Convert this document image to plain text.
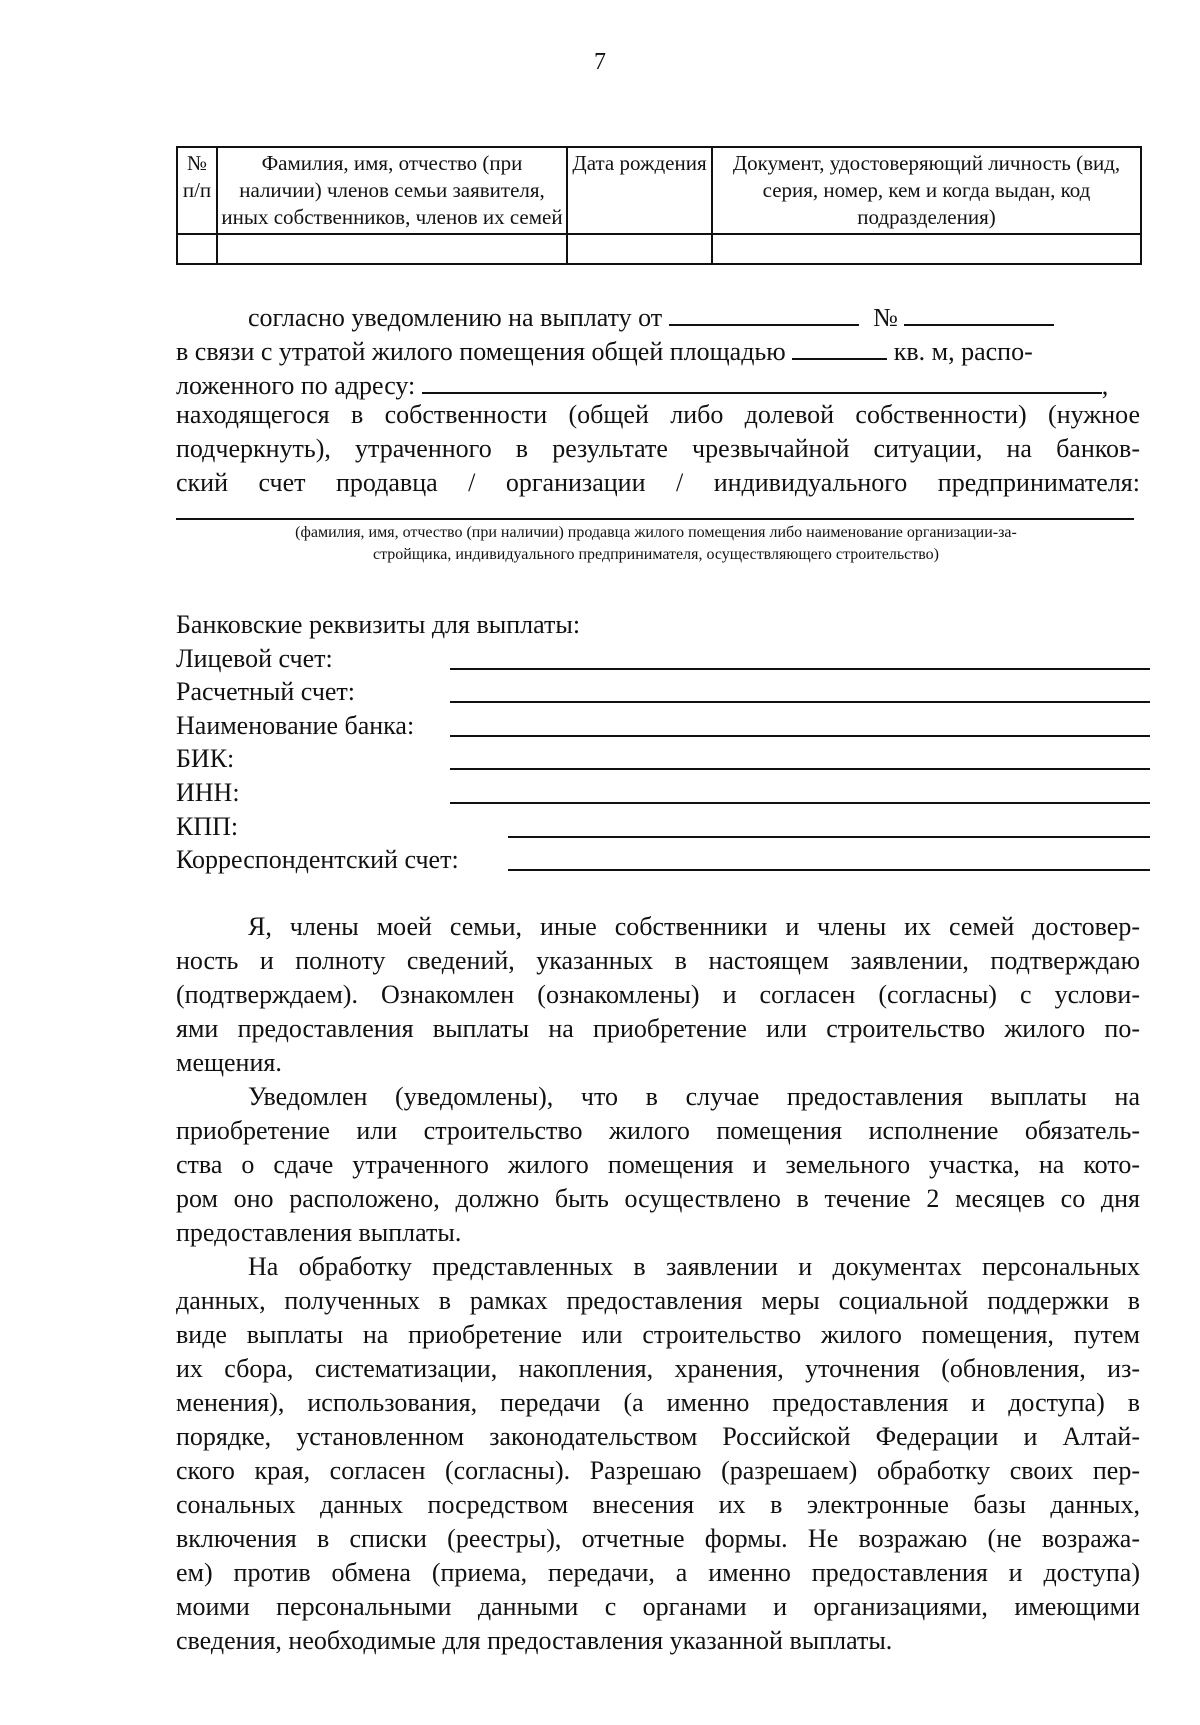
7
№ п/п	Фамилия, имя, отчество (при наличии) членов семьи заявителя, иных собственников, членов их семей	Дата рождения	Документ, удостоверяющий личность (вид, серия, номер, кем и когда выдан, код подразделения)

согласно уведомлению на выплату от	№
в связи с утратой жилого помещения общей площадью	кв. м, распо-
ложенного по адресу:	,
находящегося в собственности (общей либо долевой собственности) (нужное
подчеркнуть), утраченного в результате чрезвычайной ситуации, на банков-
ский счет продавца / организации / индивидуального предпринимателя:
(фамилия, имя, отчество (при наличии) продавца жилого помещения либо наименование организации-за-
стройщика, индивидуального предпринимателя, осуществляющего строительство)
Банковские реквизиты для выплаты:
Лицевой счет:
Расчетный счет:
Наименование банка:
БИК:
ИНН:
КПП:
Корреспондентский счет:
Я, члены моей семьи, иные собственники и члены их семей достовер-
ность и полноту сведений, указанных в настоящем заявлении, подтверждаю
(подтверждаем). Ознакомлен (ознакомлены) и согласен (согласны) с услови-
ями предоставления выплаты на приобретение или строительство жилого по-
мещения.
Уведомлен (уведомлены), что в случае предоставления выплаты на
приобретение или строительство жилого помещения исполнение обязатель-
ства о сдаче утраченного жилого помещения и земельного участка, на кото-
ром оно расположено, должно быть осуществлено в течение 2 месяцев со дня
предоставления выплаты.
На обработку представленных в заявлении и документах персональных
данных, полученных в рамках предоставления меры социальной поддержки в
виде выплаты на приобретение или строительство жилого помещения, путем
их сбора, систематизации, накопления, хранения, уточнения (обновления, из-
менения), использования, передачи (а именно предоставления и доступа) в
порядке, установленном законодательством Российской Федерации и Алтай-
ского края, согласен (согласны). Разрешаю (разрешаем) обработку своих пер-
сональных данных посредством внесения их в электронные базы данных,
включения в списки (реестры), отчетные формы. Не возражаю (не возража-
ем) против обмена (приема, передачи, а именно предоставления и доступа)
моими персональными данными с органами и организациями, имеющими
сведения, необходимые для предоставления указанной выплаты.
